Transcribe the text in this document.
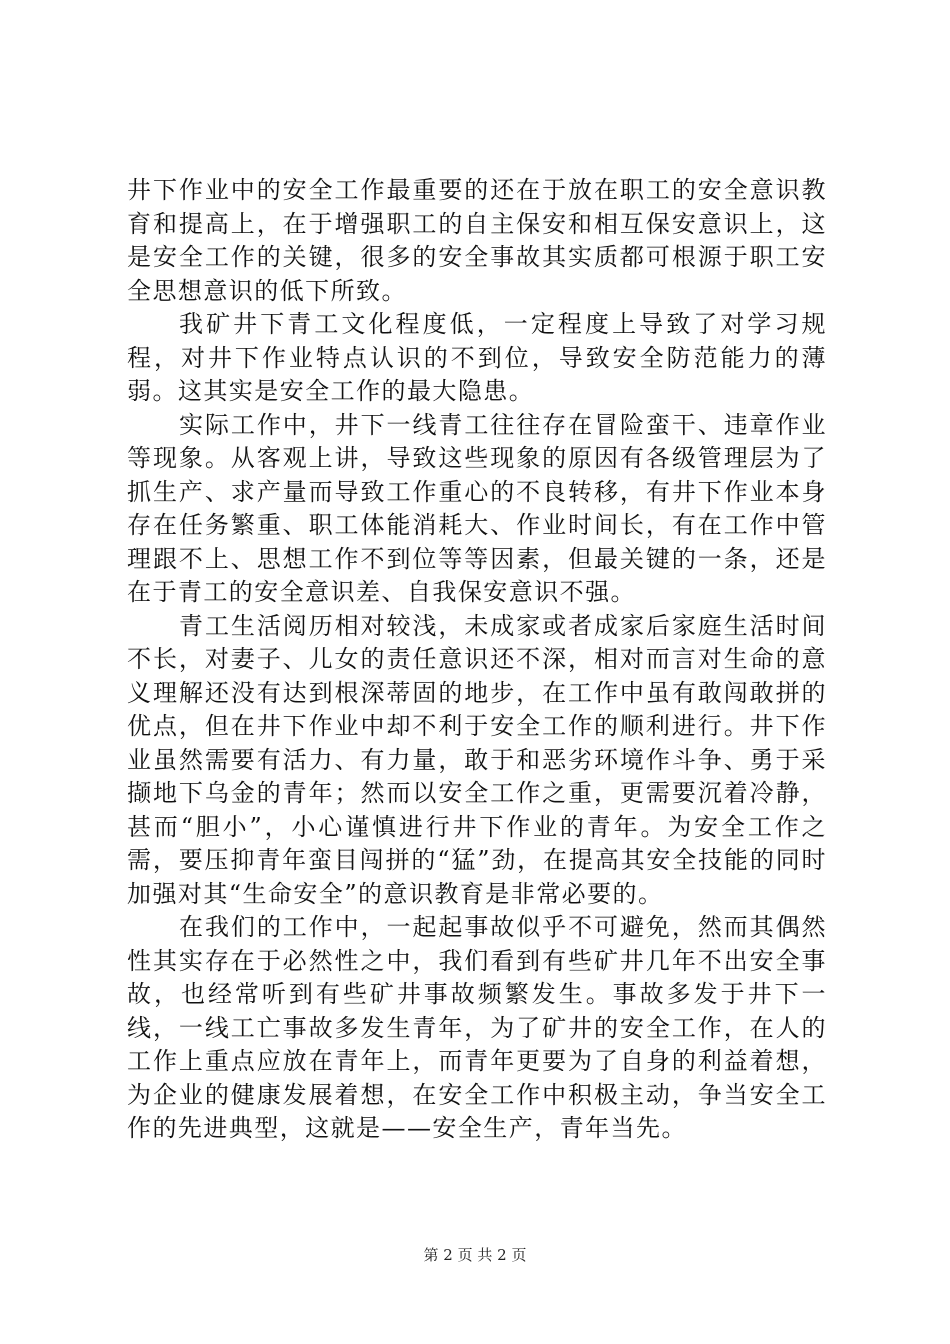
井下作业中的安全工作最重要的还在于放在职工的安全意识教育和提高上，在于增强职工的自主保安和相互保安意识上，这是安全工作的关键，很多的安全事故其实质都可根源于职工安全思想意识的低下所致。

我矿井下青工文化程度低，一定程度上导致了对学习规程，对井下作业特点认识的不到位，导致安全防范能力的薄弱。这其实是安全工作的最大隐患。

实际工作中，井下一线青工往往存在冒险蛮干、违章作业等现象。从客观上讲，导致这些现象的原因有各级管理层为了抓生产、求产量而导致工作重心的不良转移，有井下作业本身存在任务繁重、职工体能消耗大、作业时间长，有在工作中管理跟不上、思想工作不到位等等因素，但最关键的一条，还是在于青工的安全意识差、自我保安意识不强。

青工生活阅历相对较浅，未成家或者成家后家庭生活时间不长，对妻子、儿女的责任意识还不深，相对而言对生命的意义理解还没有达到根深蒂固的地步，在工作中虽有敢闯敢拼的优点，但在井下作业中却不利于安全工作的顺利进行。井下作业虽然需要有活力、有力量，敢于和恶劣环境作斗争、勇于采撷地下乌金的青年；然而以安全工作之重，更需要沉着冷静，甚而“胆小”，小心谨慎进行井下作业的青年。为安全工作之需，要压抑青年蛮目闯拼的“猛”劲，在提高其安全技能的同时加强对其“生命安全”的意识教育是非常必要的。

在我们的工作中，一起起事故似乎不可避免，然而其偶然性其实存在于必然性之中，我们看到有些矿井几年不出安全事故，也经常听到有些矿井事故频繁发生。事故多发于井下一线，一线工亡事故多发生青年，为了矿井的安全工作，在人的工作上重点应放在青年上，而青年更要为了自身的利益着想，为企业的健康发展着想，在安全工作中积极主动，争当安全工作的先进典型，这就是——安全生产，青年当先。

第 2 页 共 2 页
